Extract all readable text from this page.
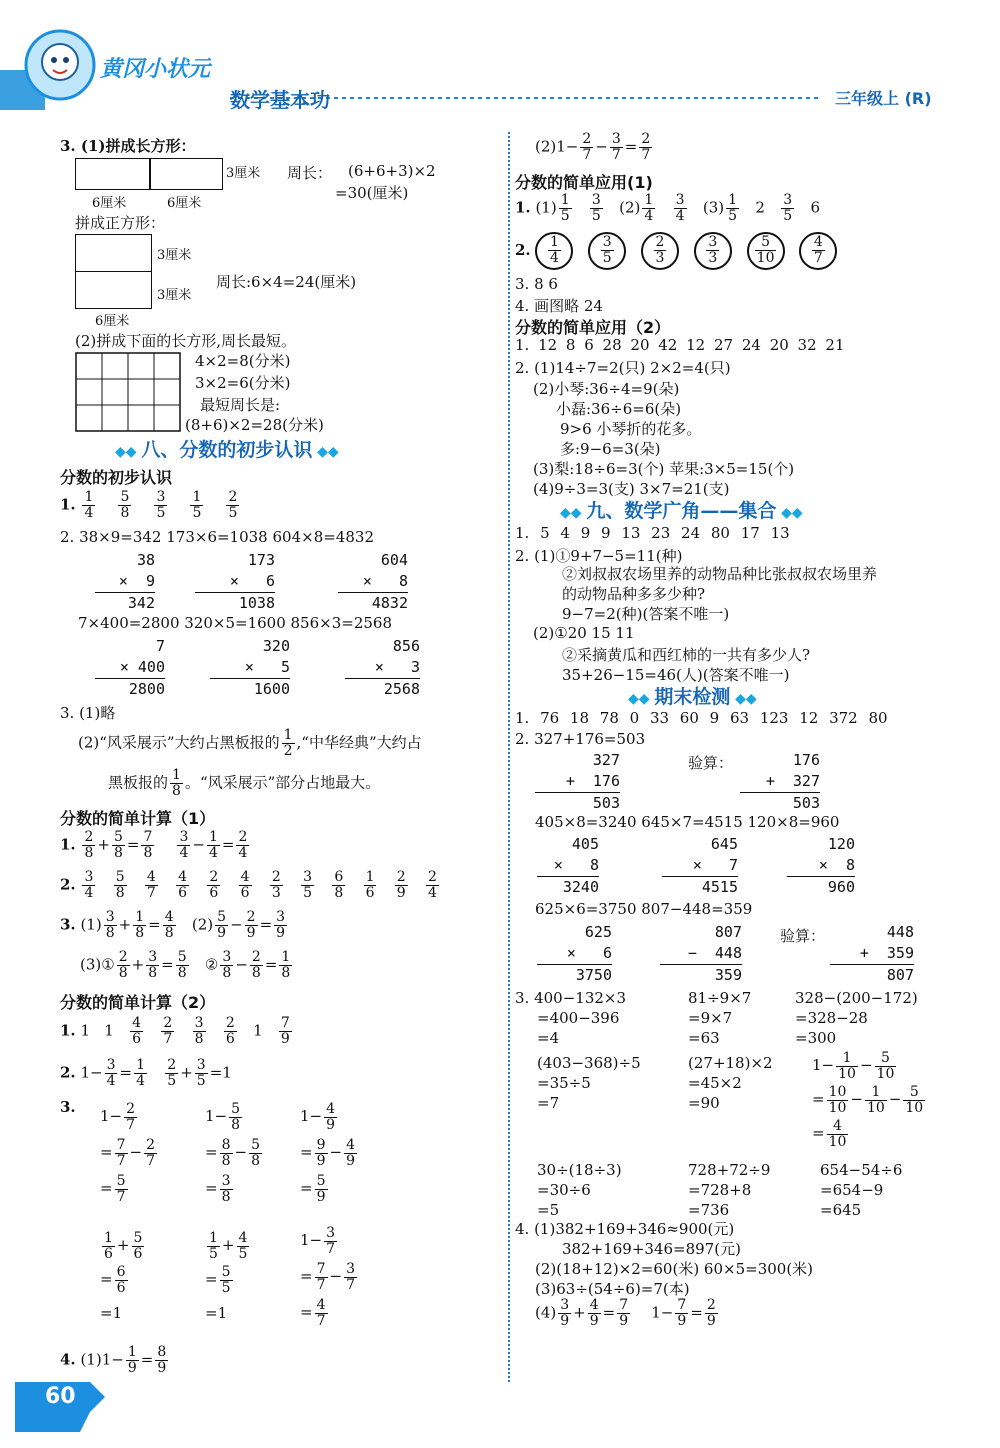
黄冈小状元
数学基本功	三年级上 (R)
3. (1)拼成长方形：
3厘米 周长： (6+6+3)×2
=30(厘米)
6厘米	6厘米
拼成正方形：
3厘米
3厘米
周长:6×4=24(厘米)
6厘米
(2)拼成下面的长方形,周长最短。
4×2=8(分米)
3×2=6(分米)
最短周长是:
(8+6)×2=28(分米)
◆◆ 八、分数的初步认识 ◆◆
分数的初步认识
1. $\frac{1}{4}$
$\frac{5}{8}$
$\frac{3}{5}$
$\frac{1}{5}$
$\frac{2}{5}$
2. 38×9=342 173×6=1038 604×8=4832
38
×  9
342
173
×   6
1038
604
×   8
4832
7×400=2800 320×5=1600 856×3=2568
7
× 400
2800
320
×   5
1600
856
×   3
2568
3. (1)略
(2)“风采展示”大约占黑板报的 $\frac{1}{2}$ ,“中华经典”大约占
黑板报的 $\frac{1}{8}$ 。“风采展示”部分占地最大。
分数的简单计算（1）
1. $\frac{2}{8} + \frac{5}{8} = \frac{7}{8}$
$\frac{3}{4} - \frac{1}{4} = \frac{2}{4}$
2. $\frac{3}{4}$
$\frac{5}{8}$
$\frac{4}{7}$
$\frac{4}{6}$
$\frac{2}{6}$
$\frac{4}{6}$
$\frac{2}{3}$
$\frac{3}{5}$
$\frac{6}{8}$
$\frac{1}{6}$
$\frac{2}{9}$
$\frac{2}{4}$
3. $(1) \frac{3}{8} + \frac{1}{8} = \frac{4}{8} (2) \frac{5}{9} - \frac{2}{9} = \frac{3}{9}$
(3)① $\frac{2}{8} + \frac{3}{8} = \frac{5}{8}$ ② $\frac{3}{8} - \frac{2}{8} = \frac{1}{8}$
分数的简单计算（2）
1. 1   $1 \frac{4}{6}$
$\frac{2}{7}$
$\frac{3}{8}$
$\frac{2}{6} 1 \frac{7}{9}$
2. $1- \frac{3}{4} = \frac{1}{4}$
$\frac{2}{5} + \frac{3}{5} =1$
3. $1- \frac{2}{7}$

= $\frac{7}{7} - \frac{2}{7}$

= $\frac{5}{7}$
$1- \frac{5}{8}$

= $\frac{8}{8} - \frac{5}{8}$

= $\frac{3}{8}$
$1- \frac{4}{9}$

= $\frac{9}{9} - \frac{4}{9}$

= $\frac{5}{9}$
$\frac{1}{6} + \frac{5}{6}$

= $\frac{6}{6}$

=1
$\frac{1}{5} + \frac{4}{5}$

= $\frac{5}{5}$

=1
$1- \frac{3}{7}$

= $\frac{7}{7} - \frac{3}{7}$

= $\frac{4}{7}$
4. $(1)1- \frac{1}{9} = \frac{8}{9}$
60
$(2)1- \frac{2}{7} - \frac{3}{7} = \frac{2}{7}$
分数的简单应用(1)
1. $(1) \frac{1}{5}$
$\frac{3}{5} (2) \frac{1}{4}$
$\frac{3}{4} (3) \frac{1}{5} 2 \frac{3}{5} 6$
2. $\frac{1}{4}$
	$\frac{3}{5}$
	$\frac{2}{3}$
	$\frac{3}{3}$
	$\frac{5}{10}$
	$\frac{4}{7}$
3. 8 6
4. 画图略 24
分数的简单应用（2）
1. 12 8 6 28 20 42 12 27 24 20 32 21
2. (1)14÷7=2(只) 2×2=4(只)
(2)小琴:36÷4=9(朵)
小磊:36÷6=6(朵)
9>6 小琴折的花多。
多:9−6=3(朵)
(3)梨:18÷6=3(个) 苹果:3×5=15(个)
(4)9÷3=3(支) 3×7=21(支)
◆◆ 九、数学广角——集合 ◆◆
1. 5 4 9 9 13 23 24 80 17 13
2. (1)①9+7−5=11(种)
②刘叔叔农场里养的动物品种比张叔叔农场里养
的动物品种多多少种?
9−7=2(种)(答案不唯一)
(2)①20 15 11
②采摘黄瓜和西红柿的一共有多少人?
35+26−15=46(人)(答案不唯一)
◆◆ 期末检测 ◆◆
1. 76 18 78 0 33 60 9 63 123 12 372 80
2. 327+176=503
验算：
327
+  176
503
176
+  327
503
405×8=3240 645×7=4515 120×8=960
405
×   8
3240
645
×   7
4515
120
×  8
960
625×6=3750 807−448=359
验算：
625
×   6
3750
807
−  448
359
448
+  359
807
3. 400−132×3
=400−396
=4
81÷9×7
=9×7
=63
328−(200−172)
=328−28
=300
(403−368)÷5
=35÷5
=7
(27+18)×2
=45×2
=90
$1- \frac{1}{10} - \frac{5}{10}$

= $\frac{10}{10} - \frac{1}{10} - \frac{5}{10}$

= $\frac{4}{10}$
30÷(18÷3)
=30÷6
=5
728+72÷9
=728+8
=736
654−54÷6
=654−9
=645
4. (1)382+169+346≈900(元)
382+169+346=897(元)
(2)(18+12)×2=60(米) 60×5=300(米)
(3)63÷(54÷6)=7(本)
$(4) \frac{3}{9} + \frac{4}{9} = \frac{7}{9} 1- \frac{7}{9} = \frac{2}{9}$
